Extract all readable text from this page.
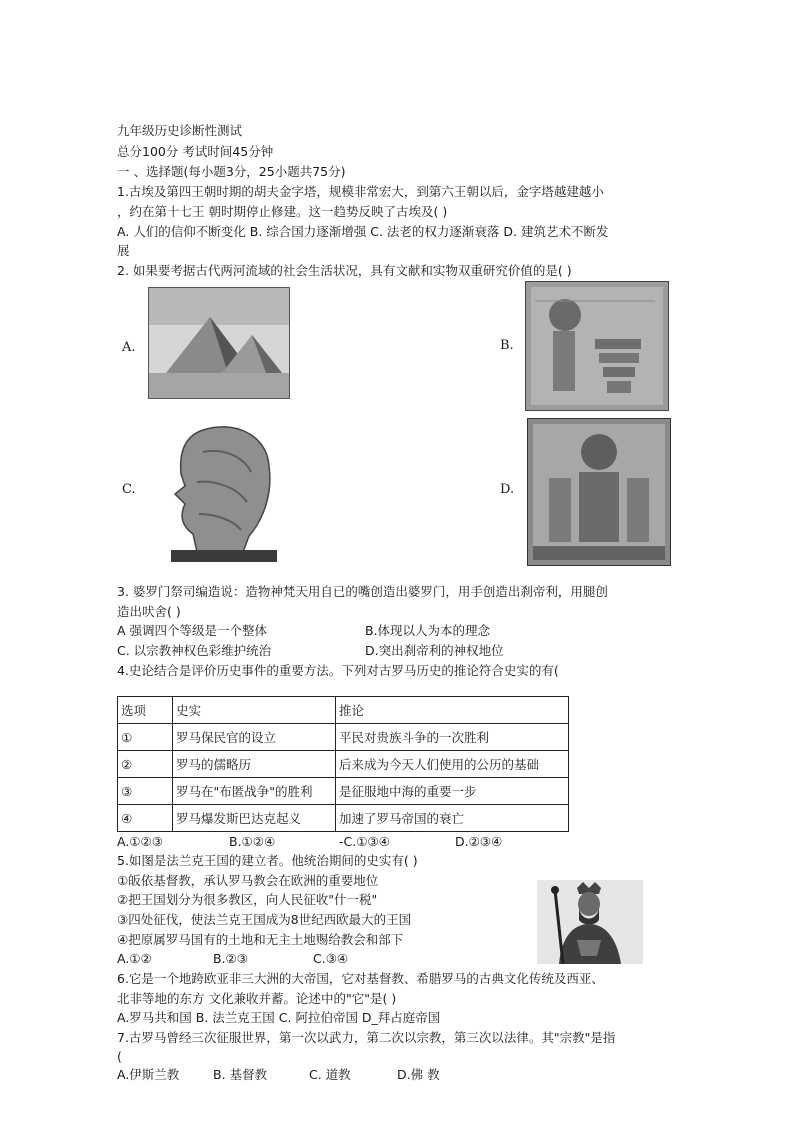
九年级历史诊断性测试
总分100分 考试时间45分钟
一 、选择题(每小题3分，25小题共75分)
1.古埃及第四王朝时期的胡夫金字塔，规模非常宏大，到第六王朝以后，金字塔越建越小
，约在第十七王 朝时期停止修建。这一趋势反映了古埃及( )
A. 人们的信仰不断变化 B. 综合国力逐渐增强 C. 法老的权力逐渐衰落 D. 建筑艺术不断发
展
2. 如果要考据古代两河流域的社会生活状况，具有文献和实物双重研究价值的是( )
A.	B.
C.	D.
3. 婆罗门祭司编造说：造物神梵天用自已的嘴创造出婆罗门，用手创造出刹帝利，用腿创
造出吠舍( )
A 强调四个等级是一个整体	B.体现以人为本的理念
C. 以宗教神权色彩维护统治	D.突出刹帝利的神权地位
4.史论结合是评价历史事件的重要方法。下列对古罗马历史的推论符合史实的有(
选项	史实	推论
①	罗马保民官的设立	平民对贵族斗争的一次胜利
②	罗马的儒略历	后来成为今天人们使用的公历的基础
③	罗马在"布匿战争"的胜利	是征服地中海的重要一步
④	罗马爆发斯巴达克起义	加速了罗马帝国的衰亡
A.①②③	B.①②④	-C.①③④	D.②③④
5.如图是法兰克王国的建立者。他统治期间的史实有( )
①皈依基督教，承认罗马教会在欧洲的重要地位
②把王国划分为很多教区，向人民征收"什一税"
③四处征伐，使法兰克王国成为8世纪西欧最大的王国
④把原属罗马国有的土地和无主土地赐给教会和部下
A.①②	B.②③	C.③④
6.它是一个地跨欧亚非三大洲的大帝国，它对基督教、希腊罗马的古典文化传统及西亚、
北非等地的东方 文化兼收并蓄。论述中的"它"是( )
A.罗马共和国 B. 法兰克王国 C. 阿拉伯帝国 D_拜占庭帝国
7.古罗马曾经三次征服世界，第一次以武力，第二次以宗教，第三次以法律。其"宗教"是指
(
A.伊斯兰教	B. 基督教	C. 道教	D.佛 教
